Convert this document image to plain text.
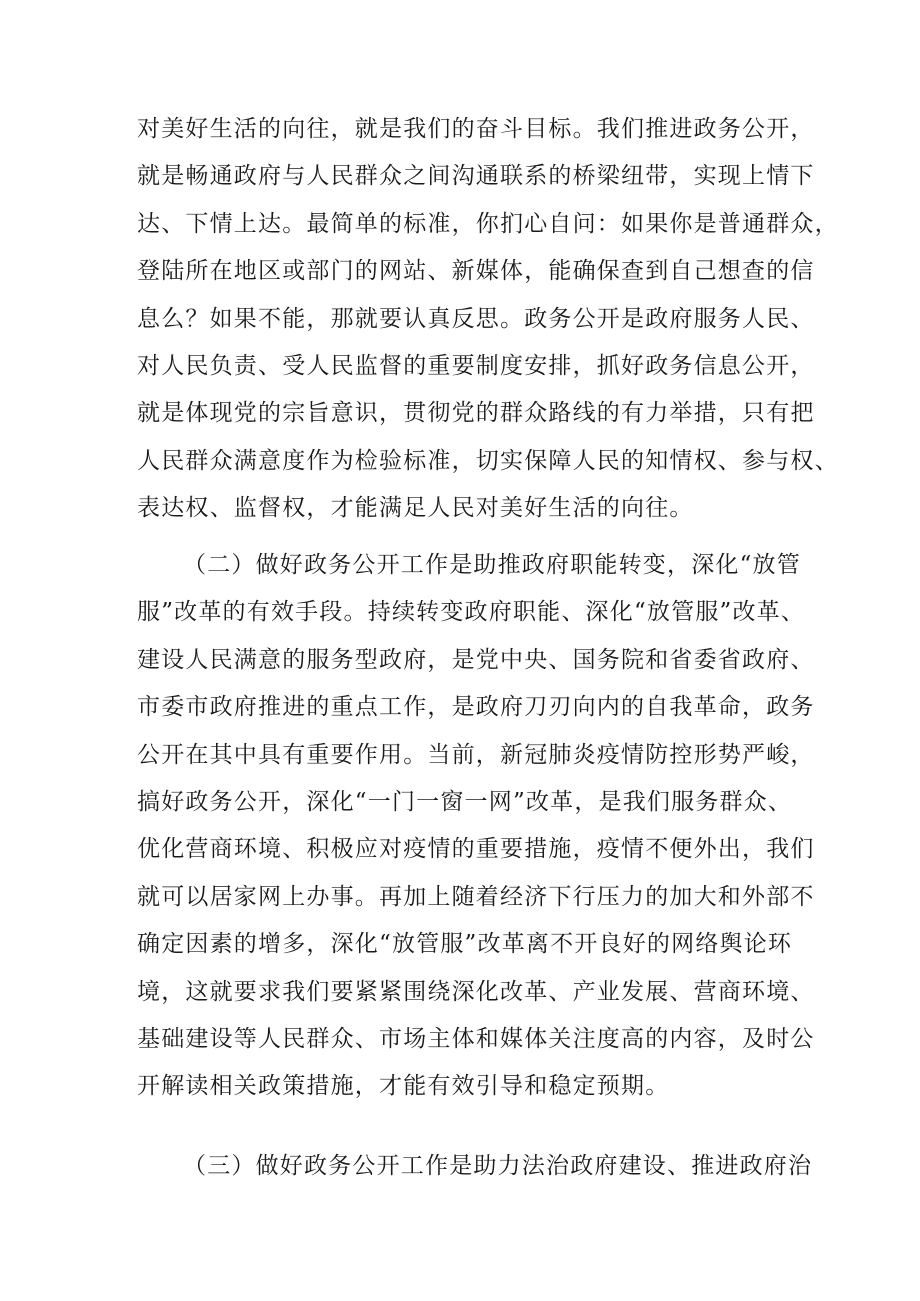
对美好生活的向往，就是我们的奋斗目标。我们推进政务公开，
就是畅通政府与人民群众之间沟通联系的桥梁纽带，实现上情下
达、下情上达。最简单的标准，你扪心自问：如果你是普通群众，
登陆所在地区或部门的网站、新媒体，能确保查到自己想查的信
息么？如果不能，那就要认真反思。政务公开是政府服务人民、
对人民负责、受人民监督的重要制度安排，抓好政务信息公开，
就是体现党的宗旨意识，贯彻党的群众路线的有力举措，只有把
人民群众满意度作为检验标准，切实保障人民的知情权、参与权、
表达权、监督权，才能满足人民对美好生活的向往。
（二）做好政务公开工作是助推政府职能转变，深化“放管
服”改革的有效手段。持续转变政府职能、深化“放管服”改革、
建设人民满意的服务型政府，是党中央、国务院和省委省政府、
市委市政府推进的重点工作，是政府刀刃向内的自我革命，政务
公开在其中具有重要作用。当前，新冠肺炎疫情防控形势严峻，
搞好政务公开，深化“一门一窗一网”改革，是我们服务群众、
优化营商环境、积极应对疫情的重要措施，疫情不便外出，我们
就可以居家网上办事。再加上随着经济下行压力的加大和外部不
确定因素的增多，深化“放管服”改革离不开良好的网络舆论环
境，这就要求我们要紧紧围绕深化改革、产业发展、营商环境、
基础建设等人民群众、市场主体和媒体关注度高的内容，及时公
开解读相关政策措施，才能有效引导和稳定预期。
（三）做好政务公开工作是助力法治政府建设、推进政府治
